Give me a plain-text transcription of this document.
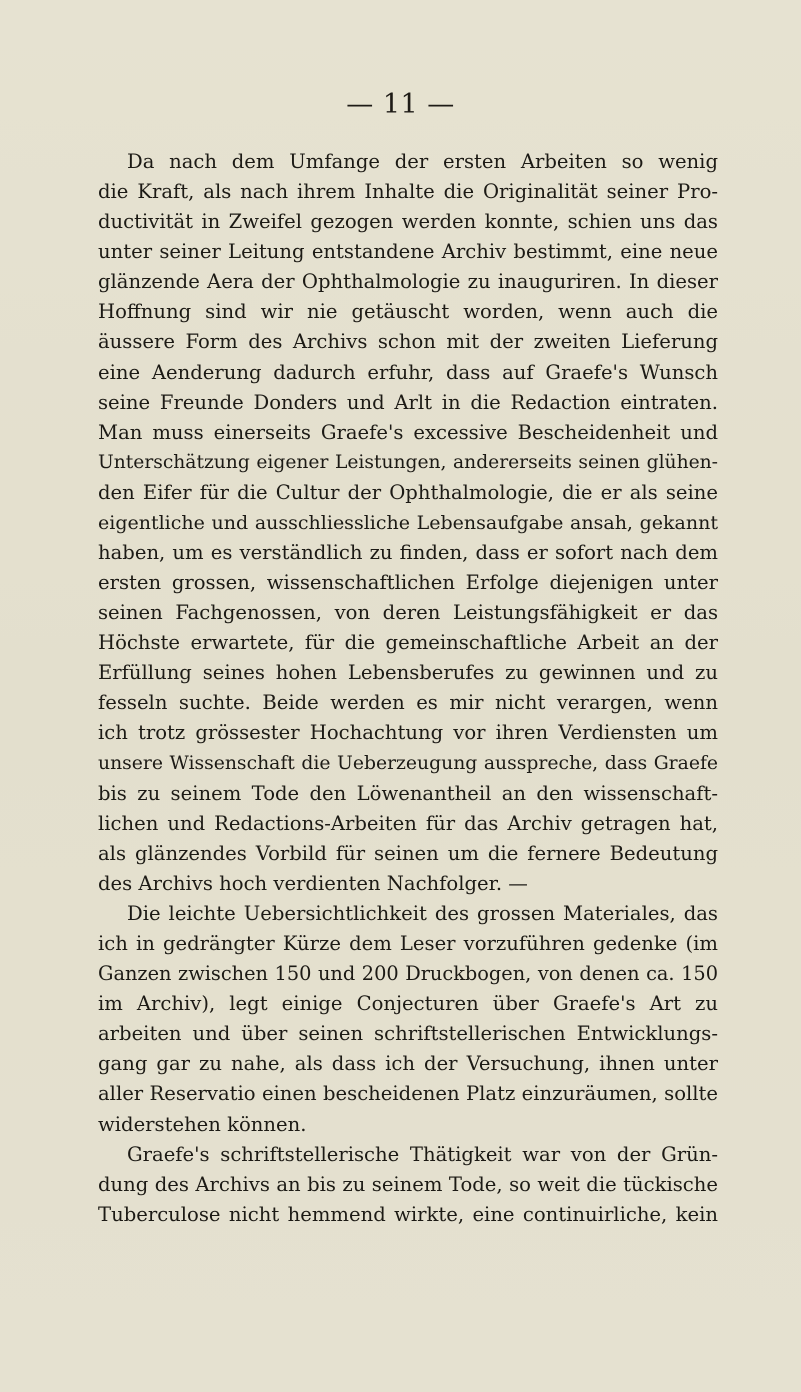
— 11 —
Da nach dem Umfange der ersten Arbeiten so wenig
die Kraft, als nach ihrem Inhalte die Originalität seiner Pro-
ductivität in Zweifel gezogen werden konnte, schien uns das
unter seiner Leitung entstandene Archiv bestimmt, eine neue
glänzende Aera der Ophthalmologie zu inauguriren. In dieser
Hoffnung sind wir nie getäuscht worden, wenn auch die
äussere Form des Archivs schon mit der zweiten Lieferung
eine Aenderung dadurch erfuhr, dass auf Graefe's Wunsch
seine Freunde Donders und Arlt in die Redaction eintraten.
Man muss einerseits Graefe's excessive Bescheidenheit und
Unterschätzung eigener Leistungen, andererseits seinen glühen-
den Eifer für die Cultur der Ophthalmologie, die er als seine
eigentliche und ausschliessliche Lebensaufgabe ansah, gekannt
haben, um es verständlich zu finden, dass er sofort nach dem
ersten grossen, wissenschaftlichen Erfolge diejenigen unter
seinen Fachgenossen, von deren Leistungsfähigkeit er das
Höchste erwartete, für die gemeinschaftliche Arbeit an der
Erfüllung seines hohen Lebensberufes zu gewinnen und zu
fesseln suchte. Beide werden es mir nicht verargen, wenn
ich trotz grössester Hochachtung vor ihren Verdiensten um
unsere Wissenschaft die Ueberzeugung ausspreche, dass Graefe
bis zu seinem Tode den Löwenantheil an den wissenschaft-
lichen und Redactions-Arbeiten für das Archiv getragen hat,
als glänzendes Vorbild für seinen um die fernere Bedeutung
des Archivs hoch verdienten Nachfolger. —
Die leichte Uebersichtlichkeit des grossen Materiales, das
ich in gedrängter Kürze dem Leser vorzuführen gedenke (im
Ganzen zwischen 150 und 200 Druckbogen, von denen ca. 150
im Archiv), legt einige Conjecturen über Graefe's Art zu
arbeiten und über seinen schriftstellerischen Entwicklungs-
gang gar zu nahe, als dass ich der Versuchung, ihnen unter
aller Reservatio einen bescheidenen Platz einzuräumen, sollte
widerstehen können.
Graefe's schriftstellerische Thätigkeit war von der Grün-
dung des Archivs an bis zu seinem Tode, so weit die tückische
Tuberculose nicht hemmend wirkte, eine continuirliche, kein
